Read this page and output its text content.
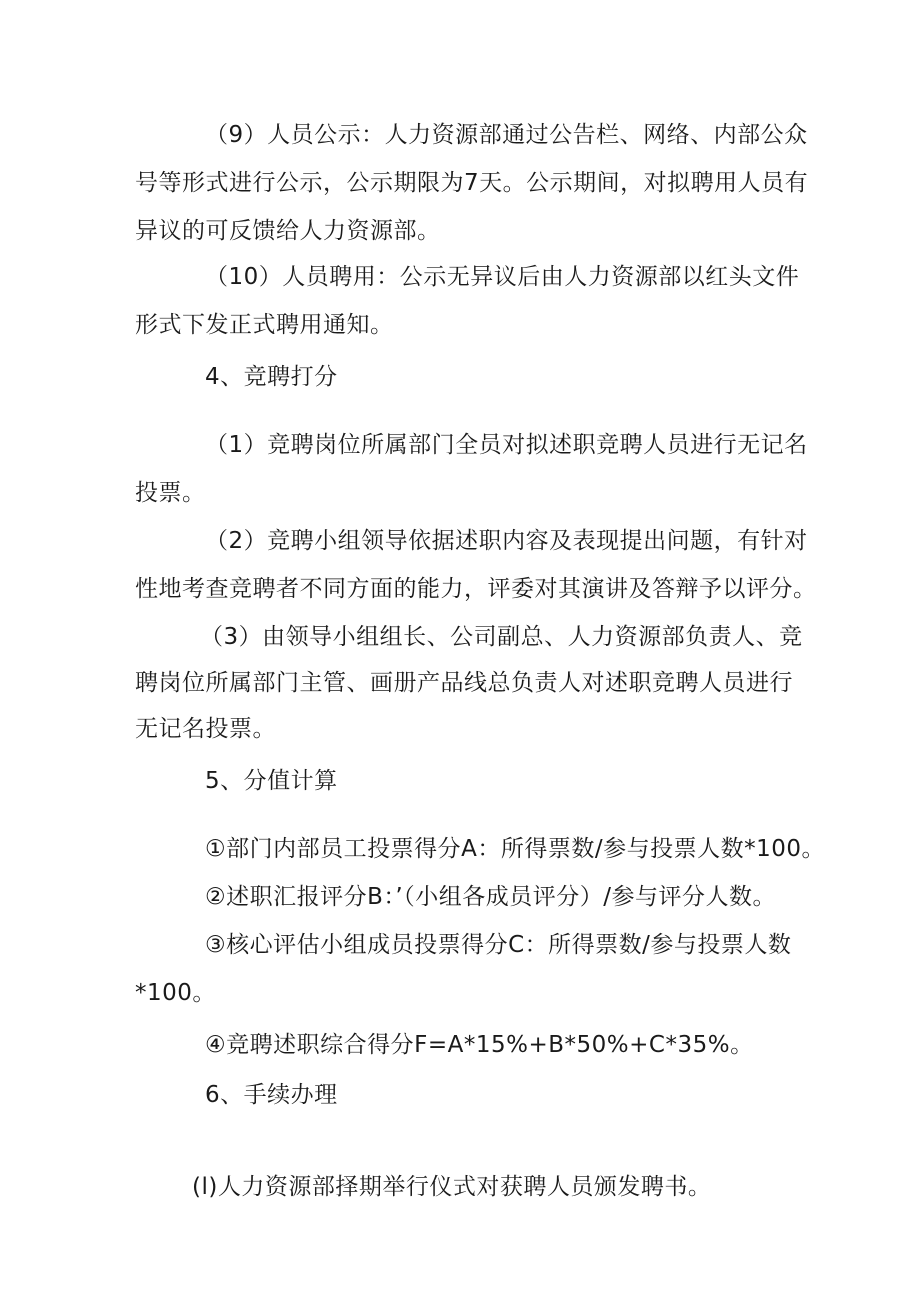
（9）人员公示：人力资源部通过公告栏、网络、内部公众
号等形式进行公示，公示期限为7天。公示期间，对拟聘用人员有
异议的可反馈给人力资源部。
（10）人员聘用：公示无异议后由人力资源部以红头文件
形式下发正式聘用通知。
4、竞聘打分
（1）竞聘岗位所属部门全员对拟述职竞聘人员进行无记名
投票。
（2）竞聘小组领导依据述职内容及表现提出问题，有针对
性地考查竞聘者不同方面的能力，评委对其演讲及答辩予以评分。
（3）由领导小组组长、公司副总、人力资源部负责人、竞
聘岗位所属部门主管、画册产品线总负责人对述职竞聘人员进行
无记名投票。
5、分值计算
①部门内部员工投票得分A：所得票数/参与投票人数*100。
②述职汇报评分B：’（小组各成员评分）/参与评分人数。
③核心评估小组成员投票得分C：所得票数/参与投票人数
*100。
④竞聘述职综合得分F=A*15%+B*50%+C*35%。
6、手续办理
(l)人力资源部择期举行仪式对获聘人员颁发聘书。
